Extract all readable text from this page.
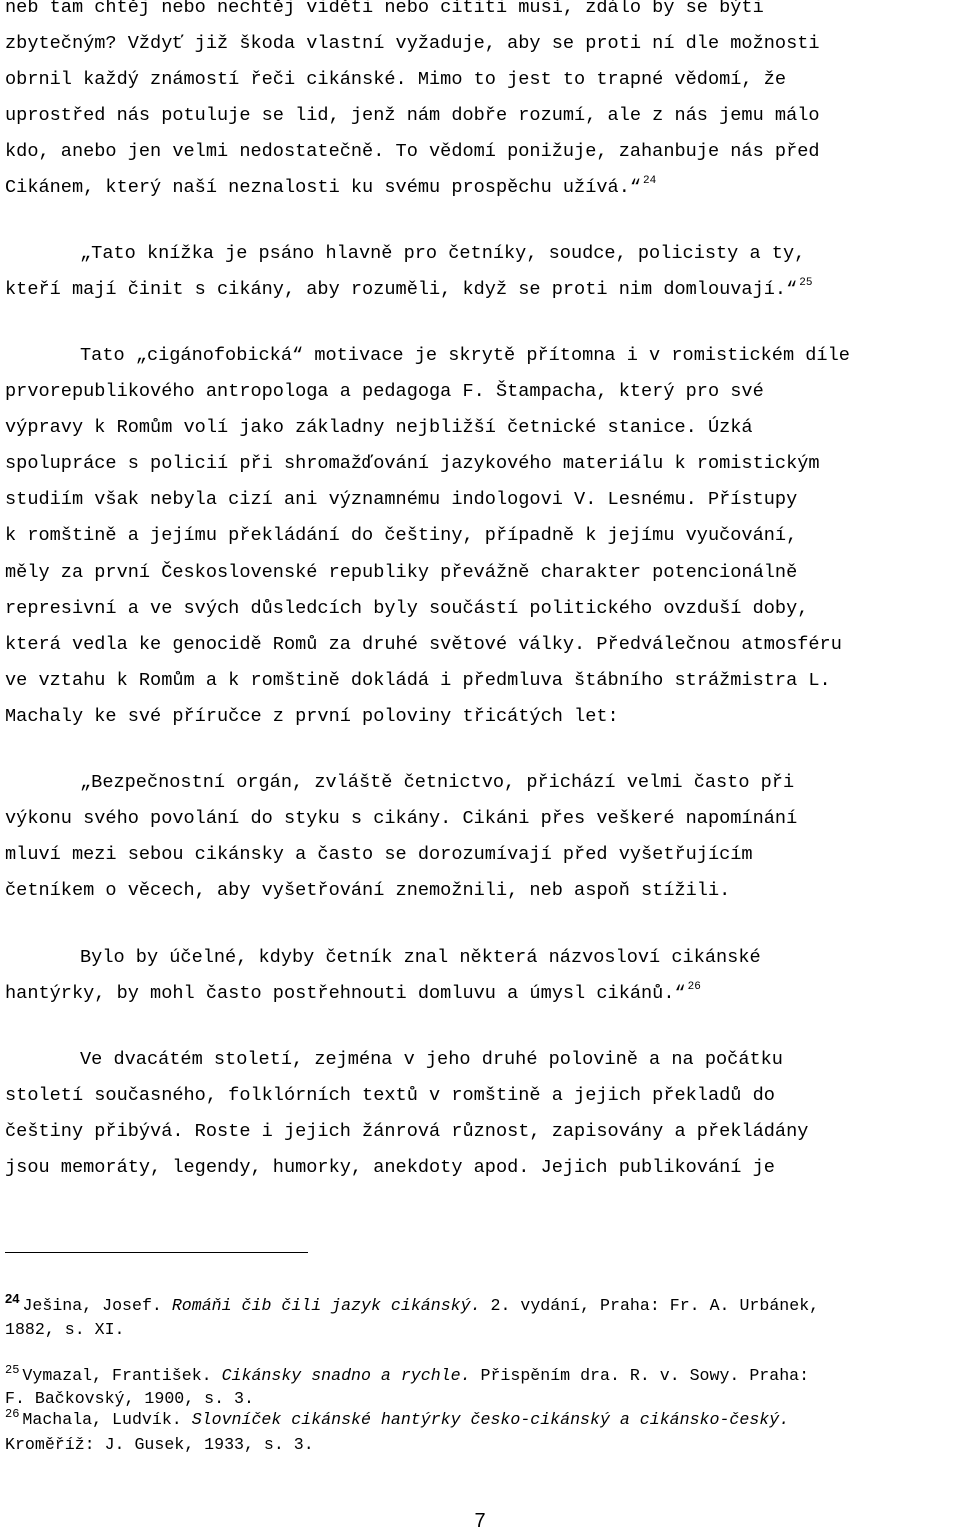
neb tam chtěj nebo nechtěj viděti nebo cítiti musí, zdálo by se býti
zbytečným? Vždyť již škoda vlastní vyžaduje, aby se proti ní dle možnosti
obrnil každý známostí řeči cikánské. Mimo to jest to trapné vědomí, že
uprostřed nás potuluje se lid, jenž nám dobře rozumí, ale z nás jemu málo
kdo, anebo jen velmi nedostatečně. To vědomí ponižuje, zahanbuje nás před
Cikánem, který naší neznalosti ku svému prospěchu užívá.“ $^{24}$
„Tato knížka je psáno hlavně pro četníky, soudce, policisty a ty,
kteří mají činit s cikány, aby rozuměli, když se proti nim domlouvají.“ $^{25}$
Tato „cigánofobická“ motivace je skrytě přítomna i v romistickém díle
prvorepublikového antropologa a pedagoga F. Štampacha, který pro své
výpravy k Romům volí jako základny nejbližší četnické stanice. Úzká
spolupráce s policií při shromažďování jazykového materiálu k romistickým
studiím však nebyla cizí ani významnému indologovi V. Lesnému. Přístupy
k romštině a jejímu překládání do češtiny, případně k jejímu vyučování,
měly za první Československé republiky převážně charakter potencionálně
represivní a ve svých důsledcích byly součástí politického ovzduší doby,
která vedla ke genocidě Romů za druhé světové války. Předválečnou atmosféru
ve vztahu k Romům a k romštině dokládá i předmluva štábního strážmistra L.
Machaly ke své příručce z první poloviny třicátých let:
„Bezpečnostní orgán, zvláště četnictvo, přichází velmi často při
výkonu svého povolání do styku s cikány. Cikáni přes veškeré napomínání
mluví mezi sebou cikánsky a často se dorozumívají před vyšetřujícím
četníkem o věcech, aby vyšetřování znemožnili, neb aspoň stížili.
Bylo by účelné, kdyby četník znal některá názvosloví cikánské
hantýrky, by mohl často postřehnouti domluvu a úmysl cikánů.“ $^{26}$
Ve dvacátém století, zejména v jeho druhé polovině a na počátku
století současného, folklórních textů v romštině a jejich překladů do
češtiny přibývá. Roste i jejich žánrová různost, zapisovány a překládány
jsou memoráty, legendy, humorky, anekdoty apod. Jejich publikování je
$^{24}$ Ješina, Josef. Romáňi čib čili jazyk cikánský. 2. vydání, Praha: Fr. A. Urbánek,
1882, s. XI.
$^{25}$ Vymazal, František. Cikánsky snadno a rychle. Přispěním dra. R. v. Sowy. Praha:
F. Bačkovský, 1900, s. 3.
$^{26}$ Machala, Ludvík. Slovníček cikánské hantýrky česko-cikánský a cikánsko-český.
Kroměříž: J. Gusek, 1933, s. 3.
7
